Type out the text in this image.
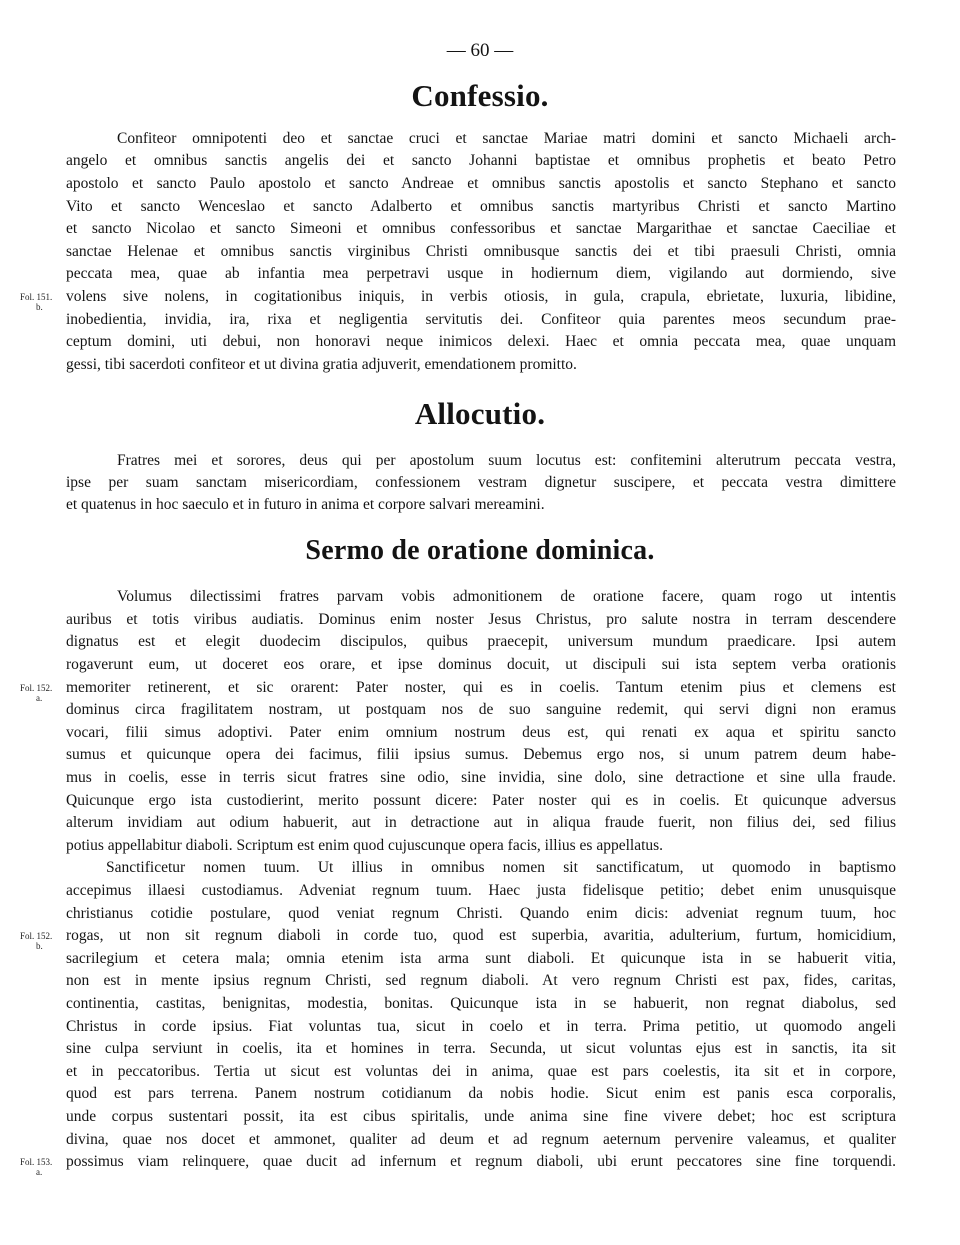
— 60 —
Confessio.
Confiteor omnipotenti deo et sanctae cruci et sanctae Mariae matri domini et sancto Michaeli arch-
angelo et omnibus sanctis angelis dei et sancto Johanni baptistae et omnibus prophetis et beato Petro
apostolo et sancto Paulo apostolo et sancto Andreae et omnibus sanctis apostolis et sancto Stephano et sancto
Vito et sancto Wenceslao et sancto Adalberto et omnibus sanctis martyribus Christi et sancto Martino
et sancto Nicolao et sancto Simeoni et omnibus confessoribus et sanctae Margarithae et sanctae Caeciliae et
sanctae Helenae et omnibus sanctis virginibus Christi omnibusque sanctis dei et tibi praesuli Christi, omnia
peccata mea, quae ab infantia mea perpetravi usque in hodiernum diem, vigilando aut dormiendo, sive
volens sive nolens, in cogitationibus iniquis, in verbis otiosis, in gula, crapula, ebrietate, luxuria, libidine,
inobedientia, invidia, ira, rixa et negligentia servitutis dei. Confiteor quia parentes meos secundum prae-
ceptum domini, uti debui, non honoravi neque inimicos delexi. Haec et omnia peccata mea, quae unquam
gessi, tibi sacerdoti confiteor et ut divina gratia adjuverit, emendationem promitto.
Allocutio.
Fratres mei et sorores, deus qui per apostolum suum locutus est: confitemini alterutrum peccata vestra,
ipse per suam sanctam misericordiam, confessionem vestram dignetur suscipere, et peccata vestra dimittere
et quatenus in hoc saeculo et in futuro in anima et corpore salvari mereamini.
Sermo de oratione dominica.
Volumus dilectissimi fratres parvam vobis admonitionem de oratione facere, quam rogo ut intentis
auribus et totis viribus audiatis. Dominus enim noster Jesus Christus, pro salute nostra in terram descendere
dignatus est et elegit duodecim discipulos, quibus praecepit, universum mundum praedicare. Ipsi autem
rogaverunt eum, ut doceret eos orare, et ipse dominus docuit, ut discipuli sui ista septem verba orationis
memoriter retinerent, et sic orarent: Pater noster, qui es in coelis. Tantum etenim pius et clemens est
dominus circa fragilitatem nostram, ut postquam nos de suo sanguine redemit, qui servi digni non eramus
vocari, filii simus adoptivi. Pater enim omnium nostrum deus est, qui renati ex aqua et spiritu sancto
sumus et quicunque opera dei facimus, filii ipsius sumus. Debemus ergo nos, si unum patrem deum habe-
mus in coelis, esse in terris sicut fratres sine odio, sine invidia, sine dolo, sine detractione et sine ulla fraude.
Quicunque ergo ista custodierint, merito possunt dicere: Pater noster qui es in coelis. Et quicunque adversus
alterum invidiam aut odium habuerit, aut in detractione aut in aliqua fraude fuerit, non filius dei, sed filius
potius appellabitur diaboli. Scriptum est enim quod cujuscunque opera facis, illius es appellatus.
Sanctificetur nomen tuum. Ut illius in omnibus nomen sit sanctificatum, ut quomodo in baptismo
accepimus illaesi custodiamus. Adveniat regnum tuum. Haec justa fidelisque petitio; debet enim unusquisque
christianus cotidie postulare, quod veniat regnum Christi. Quando enim dicis: adveniat regnum tuum, hoc
rogas, ut non sit regnum diaboli in corde tuo, quod est superbia, avaritia, adulterium, furtum, homicidium,
sacrilegium et cetera mala; omnia etenim ista arma sunt diaboli. Et quicunque ista in se habuerit vitia,
non est in mente ipsius regnum Christi, sed regnum diaboli. At vero regnum Christi est pax, fides, caritas,
continentia, castitas, benignitas, modestia, bonitas. Quicunque ista in se habuerit, non regnat diabolus, sed
Christus in corde ipsius. Fiat voluntas tua, sicut in coelo et in terra. Prima petitio, ut quomodo angeli
sine culpa serviunt in coelis, ita et homines in terra. Secunda, ut sicut voluntas ejus est in sanctis, ita sit
et in peccatoribus. Tertia ut sicut est voluntas dei in anima, quae est pars coelestis, ita sit et in corpore,
quod est pars terrena. Panem nostrum cotidianum da nobis hodie. Sicut enim est panis esca corporalis,
unde corpus sustentari possit, ita est cibus spiritalis, unde anima sine fine vivere debet; hoc est scriptura
divina, quae nos docet et ammonet, qualiter ad deum et ad regnum aeternum pervenire valeamus, et qualiter
possimus viam relinquere, quae ducit ad infernum et regnum diaboli, ubi erunt peccatores sine fine torquendi.
Fol. 151.
b.
Fol. 152.
a.
Fol. 152.
b.
Fol. 153.
a.
